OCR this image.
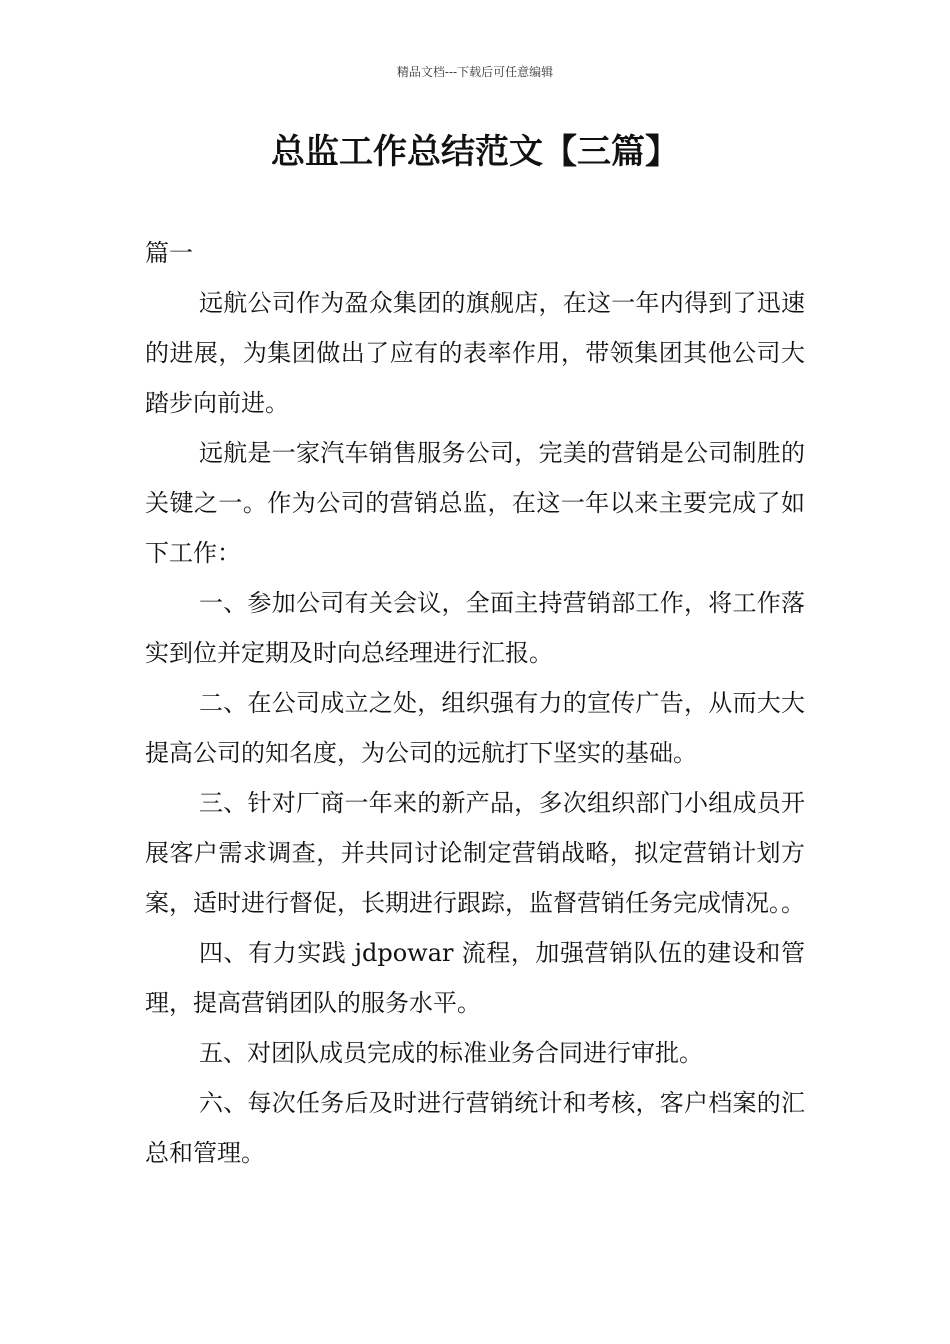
精品文档---下载后可任意编辑
总监工作总结范文【三篇】

篇一

远航公司作为盈众集团的旗舰店，在这一年内得到了迅速的进展，为集团做出了应有的表率作用，带领集团其他公司大踏步向前进。

远航是一家汽车销售服务公司，完美的营销是公司制胜的关键之一。作为公司的营销总监，在这一年以来主要完成了如下工作：

一、参加公司有关会议，全面主持营销部工作，将工作落实到位并定期及时向总经理进行汇报。

二、在公司成立之处，组织强有力的宣传广告，从而大大提高公司的知名度，为公司的远航打下坚实的基础。

三、针对厂商一年来的新产品，多次组织部门小组成员开展客户需求调查，并共同讨论制定营销战略，拟定营销计划方案，适时进行督促，长期进行跟踪，监督营销任务完成情况。。

四、有力实践 jdpowar 流程，加强营销队伍的建设和管理，提高营销团队的服务水平。

五、对团队成员完成的标准业务合同进行审批。

六、每次任务后及时进行营销统计和考核，客户档案的汇总和管理。
